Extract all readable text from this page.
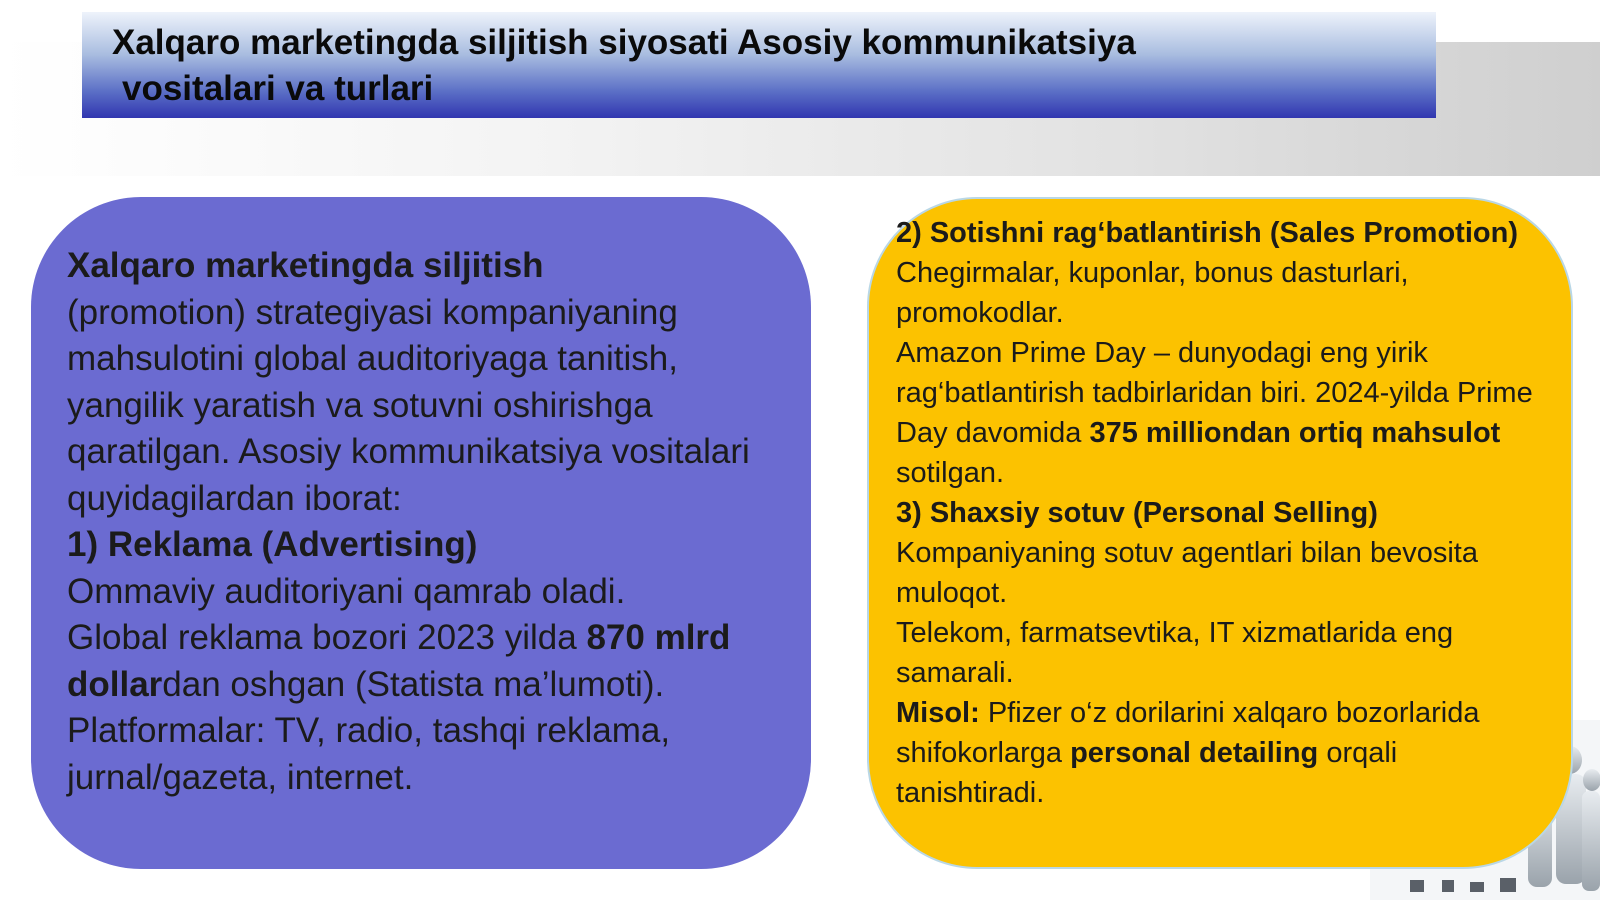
Xalqaro marketingda siljitish siyosati Asosiy kommunikatsiya
vositalari va turlari

Xalqaro marketingda siljitish
(promotion) strategiyasi kompaniyaning mahsulotini global auditoriyaga tanitish, yangilik yaratish va sotuvni oshirishga qaratilgan. Asosiy kommunikatsiya vositalari quyidagilardan iborat:

1) Reklama (Advertising)

Ommaviy auditoriyani qamrab oladi.

Global reklama bozori 2023 yilda 870 mlrd dollardan oshgan (Statista ma’lumoti).

Platformalar: TV, radio, tashqi reklama, jurnal/gazeta, internet.

2) Sotishni rag‘batlantirish (Sales Promotion)

Chegirmalar, kuponlar, bonus dasturlari, promokodlar.

Amazon Prime Day – dunyodagi eng yirik rag‘batlantirish tadbirlaridan biri. 2024-yilda Prime Day davomida 375 milliondan ortiq mahsulot sotilgan.

3) Shaxsiy sotuv (Personal Selling)

Kompaniyaning sotuv agentlari bilan bevosita muloqot.

Telekom, farmatsevtika, IT xizmatlarida eng samarali.

Misol: Pfizer o‘z dorilarini xalqaro bozorlarida shifokorlarga personal detailing orqali tanishtiradi.
